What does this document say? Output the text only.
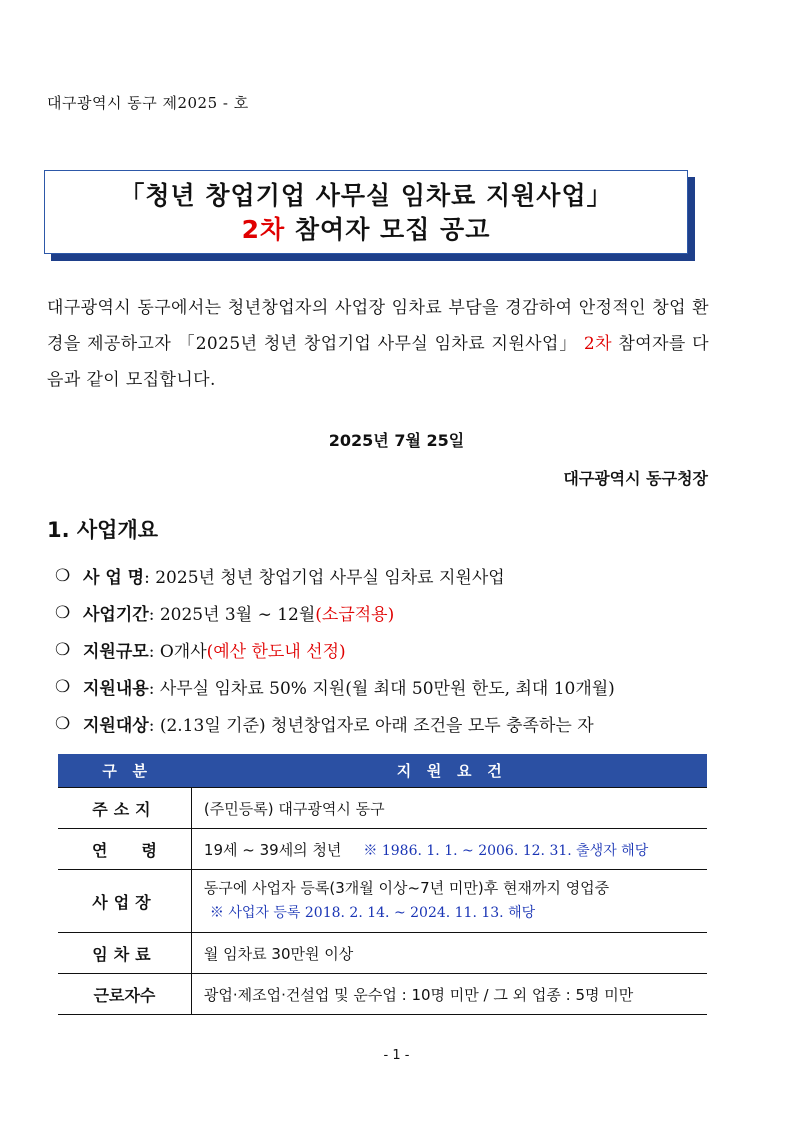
대구광역시 동구 제2025 - 호
「청년 창업기업 사무실 임차료 지원사업」
2차 참여자 모집 공고
대구광역시 동구에서는 청년창업자의 사업장 임차료 부담을 경감하여 안정적인 창업 환경을 제공하고자 「2025년 청년 창업기업 사무실 임차료 지원사업」 2차 참여자를 다음과 같이 모집합니다.
2025년 7월 25일
대구광역시 동구청장
1. 사업개요
❍ 사 업 명 : 2025년 청년 창업기업 사무실 임차료 지원사업
❍ 사업기간 : 2025년 3월 ∼ 12월 (소급적용)
❍ 지원규모 : O개사 (예산 한도내 선정)
❍ 지원내용 : 사무실 임차료 50% 지원(월 최대 50만원 한도, 최대 10개월)
❍ 지원대상 : (2.13일 기준) 청년창업자로 아래 조건을 모두 충족하는 자
구   분	지   원   요   건
주소지	(주민등록) 대구광역시 동구
연령	19세 ~ 39세의 청년 ※ 1986. 1. 1. ~ 2006. 12. 31. 출생자 해당
사업장	동구에 사업자 등록(3개월 이상~7년 미만)후 현재까지 영업중
※ 사업자 등록 2018. 2. 14. ~ 2024. 11. 13. 해당

임차료	월 임차료 30만원 이상
근로자수	광업·제조업·건설업 및 운수업 : 10명 미만 / 그 외 업종 : 5명 미만
- 1 -
